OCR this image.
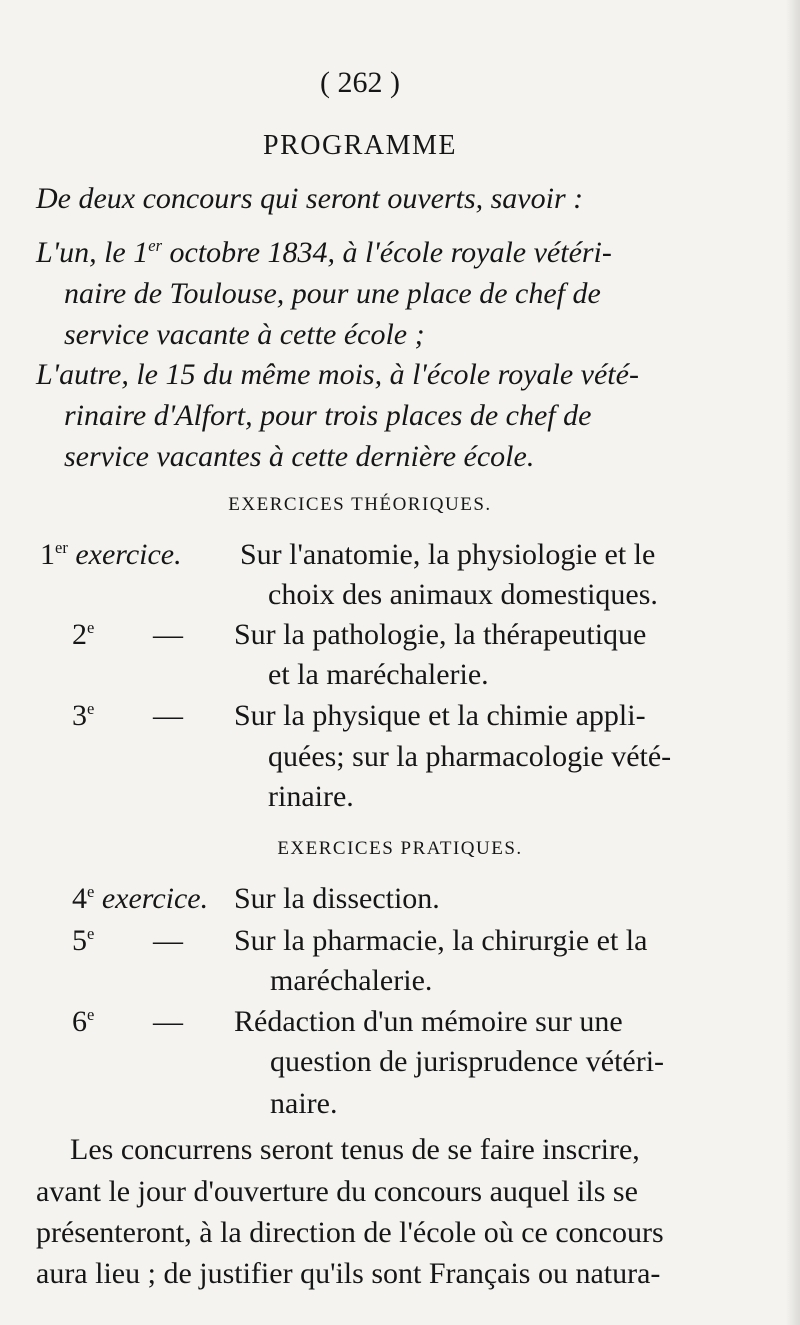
( 262 )
PROGRAMME
De deux concours qui seront ouverts, savoir :
L'un, le 1er octobre 1834, à l'école royale vétéri-
naire de Toulouse, pour une place de chef de
service vacante à cette école ;
L'autre, le 15 du même mois, à l'école royale vété-
rinaire d'Alfort, pour trois places de chef de
service vacantes à cette dernière école.
EXERCICES THÉORIQUES.
1er exercice.	Sur l'anatomie, la physiologie et le
choix des animaux domestiques.
2e	—	Sur la pathologie, la thérapeutique
et la maréchalerie.
3e	—	Sur la physique et la chimie appli-
quées; sur la pharmacologie vété-
rinaire.
EXERCICES PRATIQUES.
4e exercice. Sur la dissection.
5e	—	Sur la pharmacie, la chirurgie et la
maréchalerie.
6e	—	Rédaction d'un mémoire sur une
question de jurisprudence vétéri-
naire.
Les concurrens seront tenus de se faire inscrire,
avant le jour d'ouverture du concours auquel ils se
présenteront, à la direction de l'école où ce concours
aura lieu ; de justifier qu'ils sont Français ou natura-
